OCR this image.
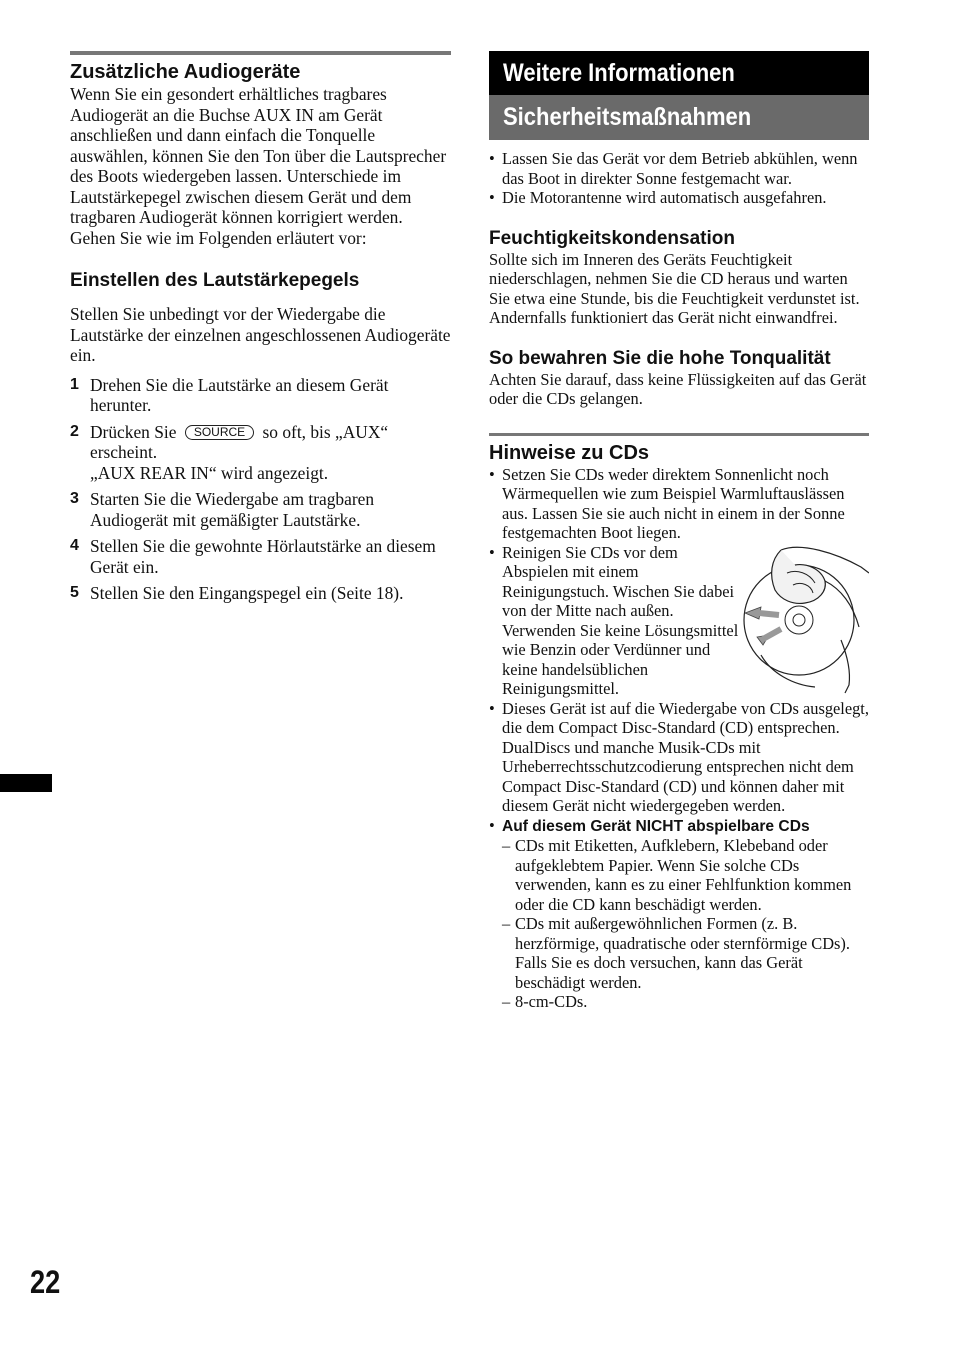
Zusätzliche Audiogeräte

Wenn Sie ein gesondert erhältliches tragbares Audiogerät an die Buchse AUX IN am Gerät anschließen und dann einfach die Tonquelle auswählen, können Sie den Ton über die Lautsprecher des Boots wiedergeben lassen. Unterschiede im Lautstärkepegel zwischen diesem Gerät und dem tragbaren Audiogerät können korrigiert werden. Gehen Sie wie im Folgenden erläutert vor:

Einstellen des Lautstärkepegels

Stellen Sie unbedingt vor der Wiedergabe die Lautstärke der einzelnen angeschlossenen Audiogeräte ein.

1 Drehen Sie die Lautstärke an diesem Gerät herunter.
2 Drücken Sie SOURCE so oft, bis „AUX“ erscheint.
„AUX REAR IN“ wird angezeigt.
3 Starten Sie die Wiedergabe am tragbaren Audiogerät mit gemäßigter Lautstärke.
4 Stellen Sie die gewohnte Hörlautstärke an diesem Gerät ein.
5 Stellen Sie den Eingangspegel ein (Seite 18).
Weitere Informationen
Sicherheitsmaßnahmen
• Lassen Sie das Gerät vor dem Betrieb abkühlen, wenn das Boot in direkter Sonne festgemacht war.
• Die Motorantenne wird automatisch ausgefahren.
Feuchtigkeitskondensation

Sollte sich im Inneren des Geräts Feuchtigkeit niederschlagen, nehmen Sie die CD heraus und warten Sie etwa eine Stunde, bis die Feuchtigkeit verdunstet ist. Andernfalls funktioniert das Gerät nicht einwandfrei.

So bewahren Sie die hohe Tonqualität

Achten Sie darauf, dass keine Flüssigkeiten auf das Gerät oder die CDs gelangen.

Hinweise zu CDs
• Setzen Sie CDs weder direktem Sonnenlicht noch Wärmequellen wie zum Beispiel Warmluftauslässen aus. Lassen Sie sie auch nicht in einem in der Sonne festgemachten Boot liegen.
• Reinigen Sie CDs vor dem Abspielen mit einem Reinigungstuch. Wischen Sie dabei von der Mitte nach außen. Verwenden Sie keine Lösungsmittel wie Benzin oder Verdünner und keine handelsüblichen Reinigungsmittel.
• Dieses Gerät ist auf die Wiedergabe von CDs ausgelegt, die dem Compact Disc-Standard (CD) entsprechen. DualDiscs und manche Musik-CDs mit Urheberrechtsschutzcodierung entsprechen nicht dem Compact Disc-Standard (CD) und können daher mit diesem Gerät nicht wiedergegeben werden.
• Auf diesem Gerät NICHT abspielbare CDs
– CDs mit Etiketten, Aufklebern, Klebeband oder aufgeklebtem Papier. Wenn Sie solche CDs verwenden, kann es zu einer Fehlfunktion kommen oder die CD kann beschädigt werden.
– CDs mit außergewöhnlichen Formen (z. B. herzförmige, quadratische oder sternförmige CDs). Falls Sie es doch versuchen, kann das Gerät beschädigt werden.
– 8-cm-CDs.
22
